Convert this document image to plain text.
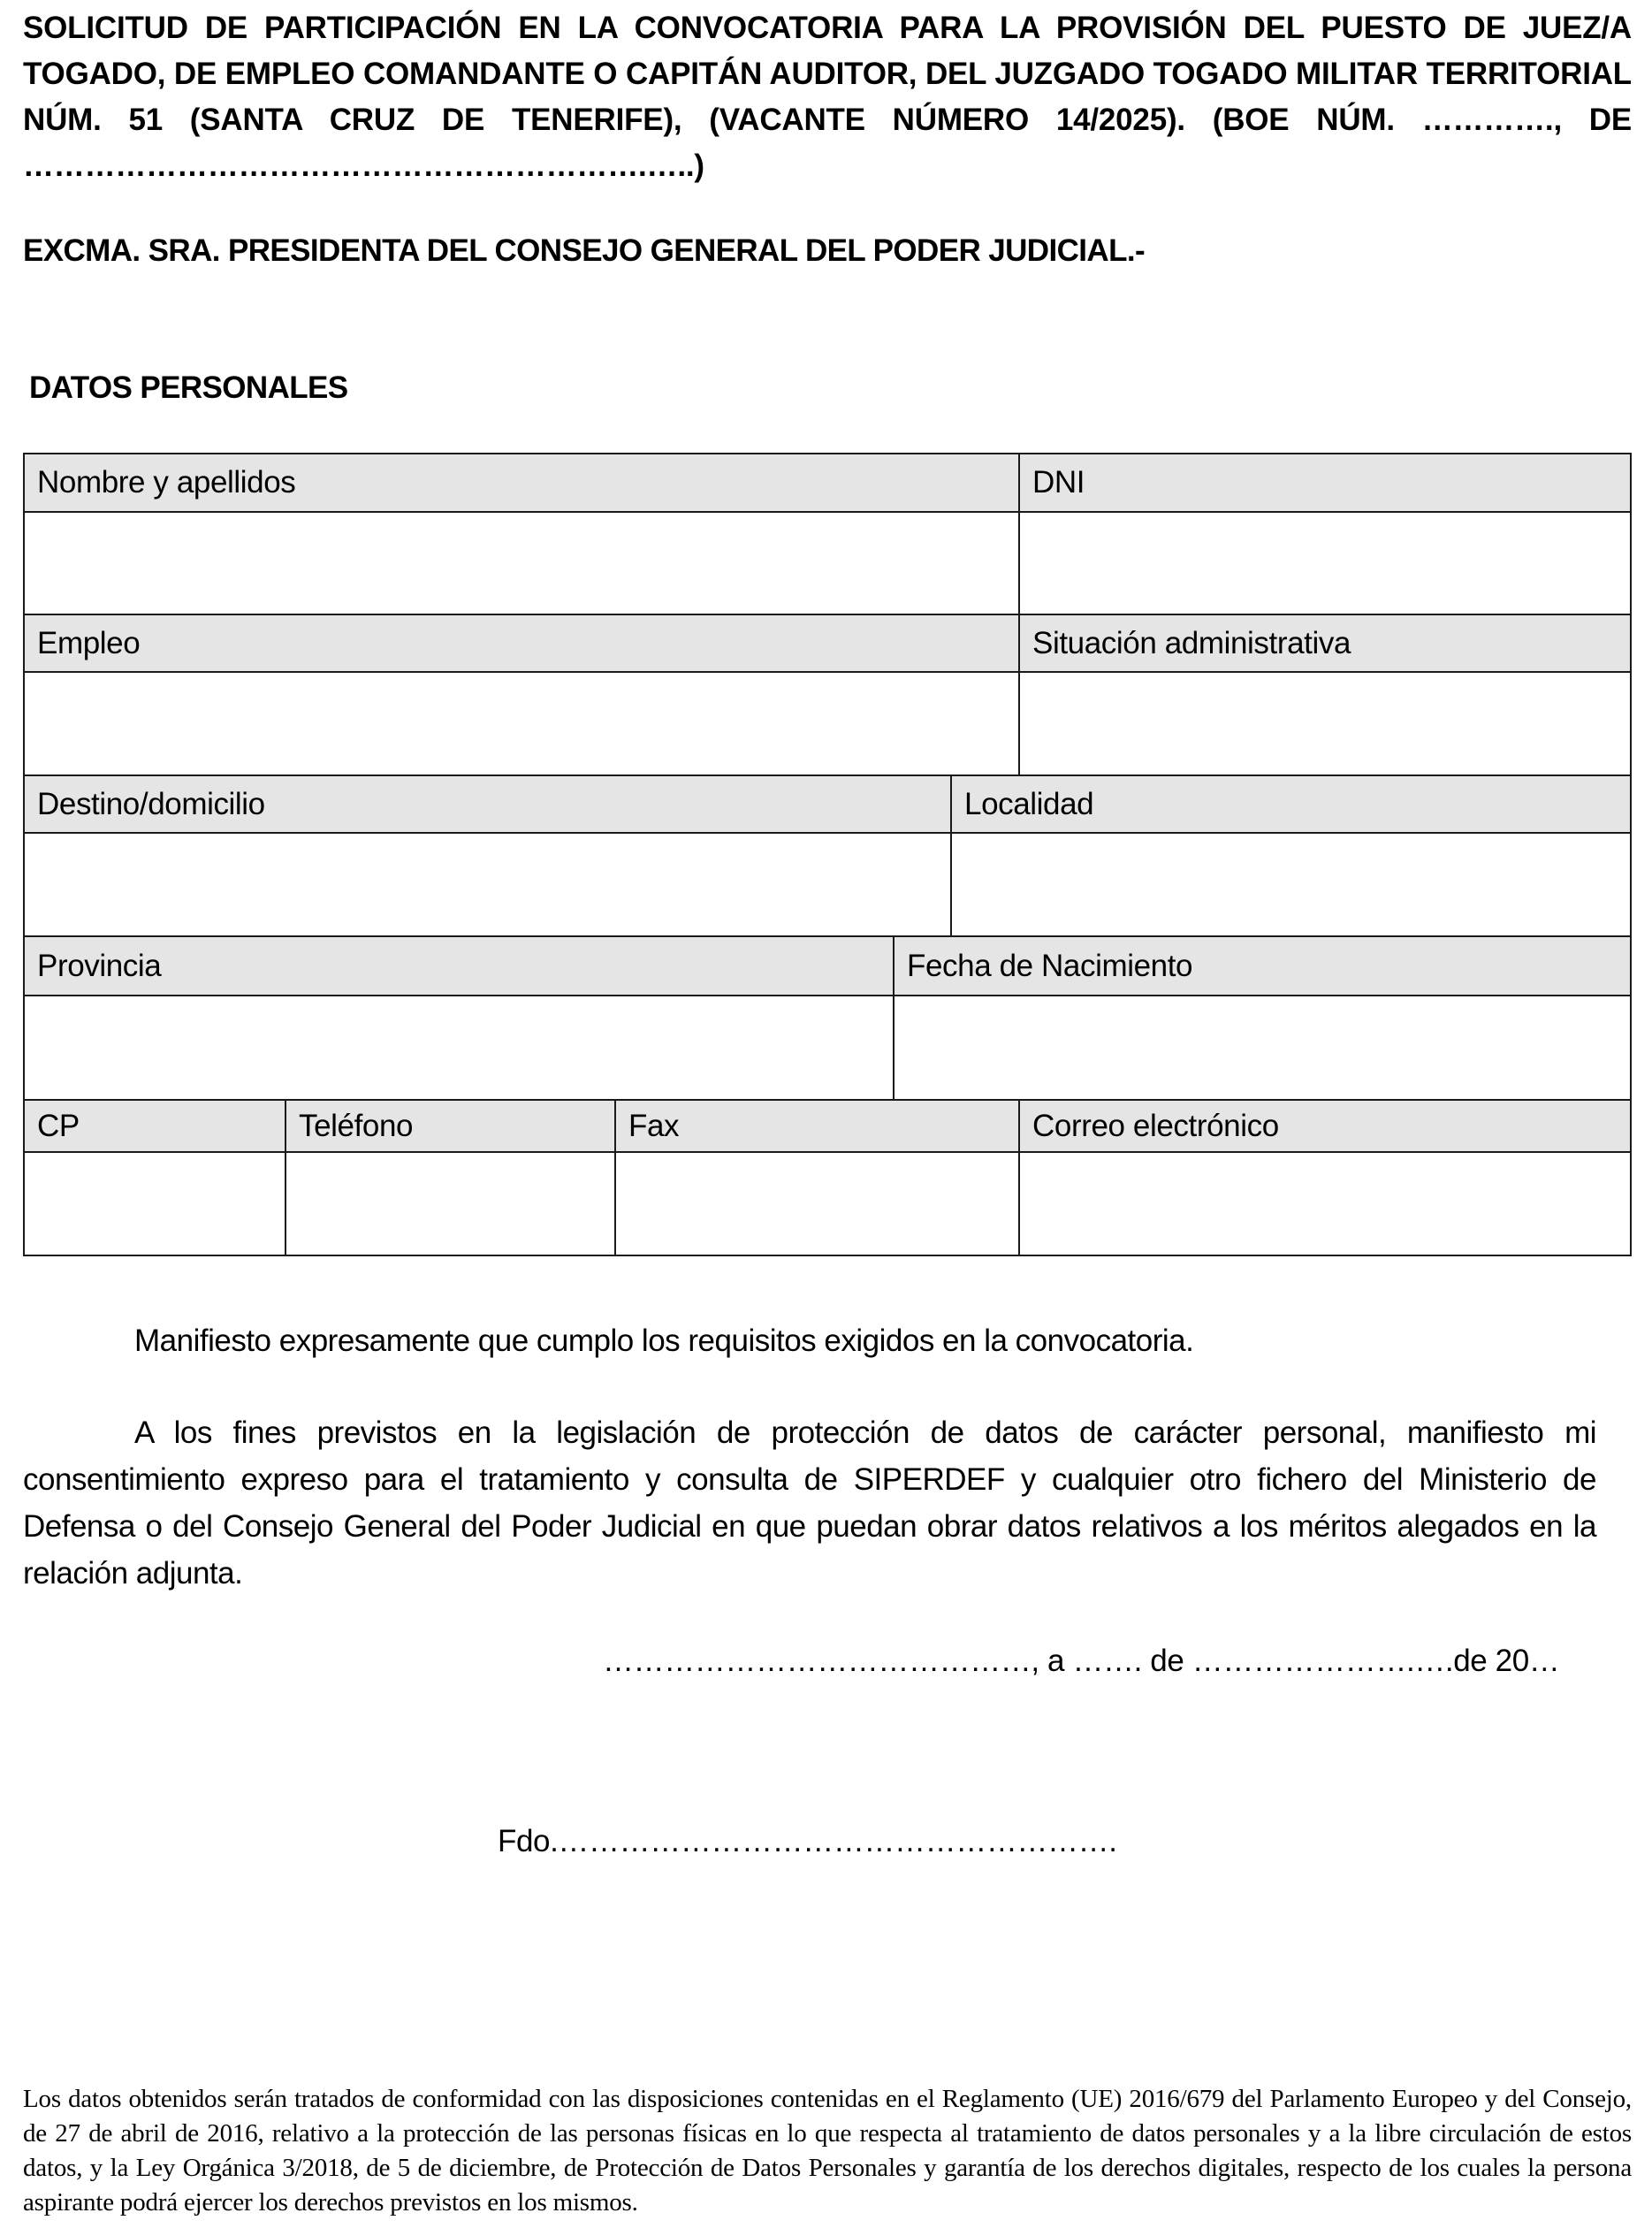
SOLICITUD DE PARTICIPACIÓN EN LA CONVOCATORIA PARA LA PROVISIÓN DEL PUESTO DE JUEZ/A TOGADO, DE EMPLEO COMANDANTE O CAPITÁN AUDITOR, DEL JUZGADO TOGADO MILITAR TERRITORIAL NÚM. 51 (SANTA CRUZ DE TENERIFE), (VACANTE NÚMERO 14/2025). (BOE NÚM. …………., DE …………………………………………………….…..)
EXCMA. SRA. PRESIDENTA DEL CONSEJO GENERAL DEL PODER JUDICIAL.-
DATOS PERSONALES
Nombre y apellidos	DNI
Empleo	Situación administrativa
Destino/domicilio	Localidad
Provincia	Fecha de Nacimiento
CP	Teléfono	Fax	Correo electrónico

Manifiesto expresamente que cumplo los requisitos exigidos en la convocatoria.

A los fines previstos en la legislación de protección de datos de carácter personal, manifiesto mi consentimiento expreso para el tratamiento y consulta de SIPERDEF y cualquier otro fichero del Ministerio de Defensa o del Consejo General del Poder Judicial en que puedan obrar datos relativos a los méritos alegados en la relación adjunta.

……………………………………, a ……. de ………………….….de 20…
Fdo.……………………………………………….

Los datos obtenidos serán tratados de conformidad con las disposiciones contenidas en el Reglamento (UE) 2016/679 del Parlamento Europeo y del Consejo, de 27 de abril de 2016, relativo a la protección de las personas físicas en lo que respecta al tratamiento de datos personales y a la libre circulación de estos datos, y la Ley Orgánica 3/2018, de 5 de diciembre, de Protección de Datos Personales y garantía de los derechos digitales, respecto de los cuales la persona aspirante podrá ejercer los derechos previstos en los mismos.
